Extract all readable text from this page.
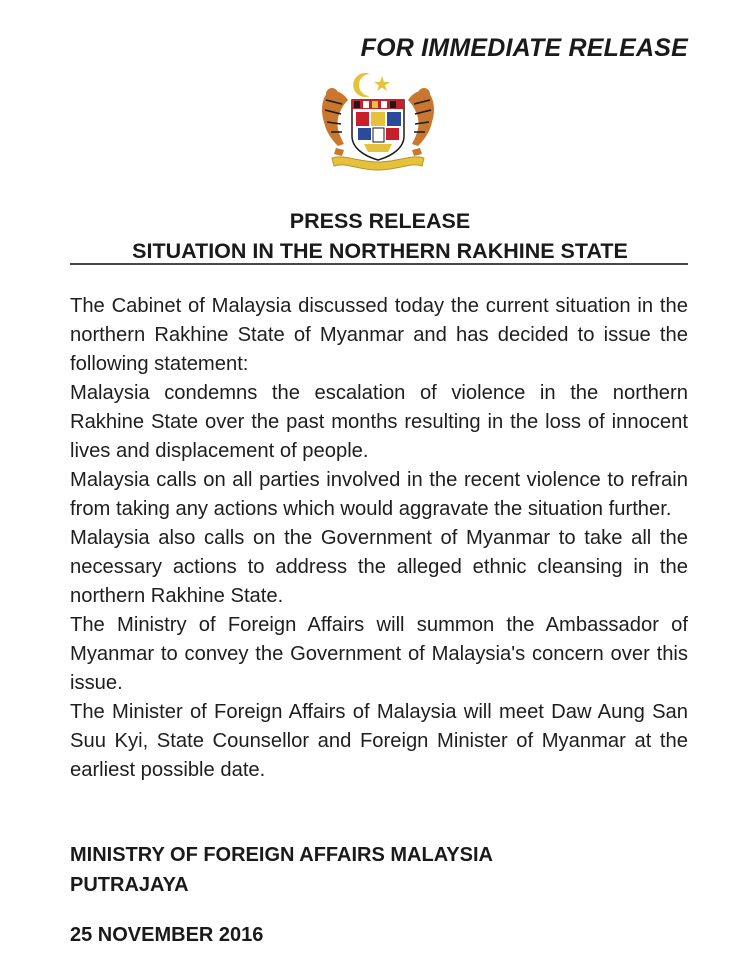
FOR IMMEDIATE RELEASE
PRESS RELEASE
SITUATION IN THE NORTHERN RAKHINE STATE

The Cabinet of Malaysia discussed today the current situation in the northern Rakhine State of Myanmar and has decided to issue the following statement:

Malaysia condemns the escalation of violence in the northern Rakhine State over the past months resulting in the loss of innocent lives and displacement of people.

Malaysia calls on all parties involved in the recent violence to refrain from taking any actions which would aggravate the situation further.

Malaysia also calls on the Government of Myanmar to take all the necessary actions to address the alleged ethnic cleansing in the northern Rakhine State.

The Ministry of Foreign Affairs will summon the Ambassador of Myanmar to convey the Government of Malaysia's concern over this issue.

The Minister of Foreign Affairs of Malaysia will meet Daw Aung San Suu Kyi, State Counsellor and Foreign Minister of Myanmar at the earliest possible date.

MINISTRY OF FOREIGN AFFAIRS MALAYSIA
PUTRAJAYA
25 NOVEMBER 2016
